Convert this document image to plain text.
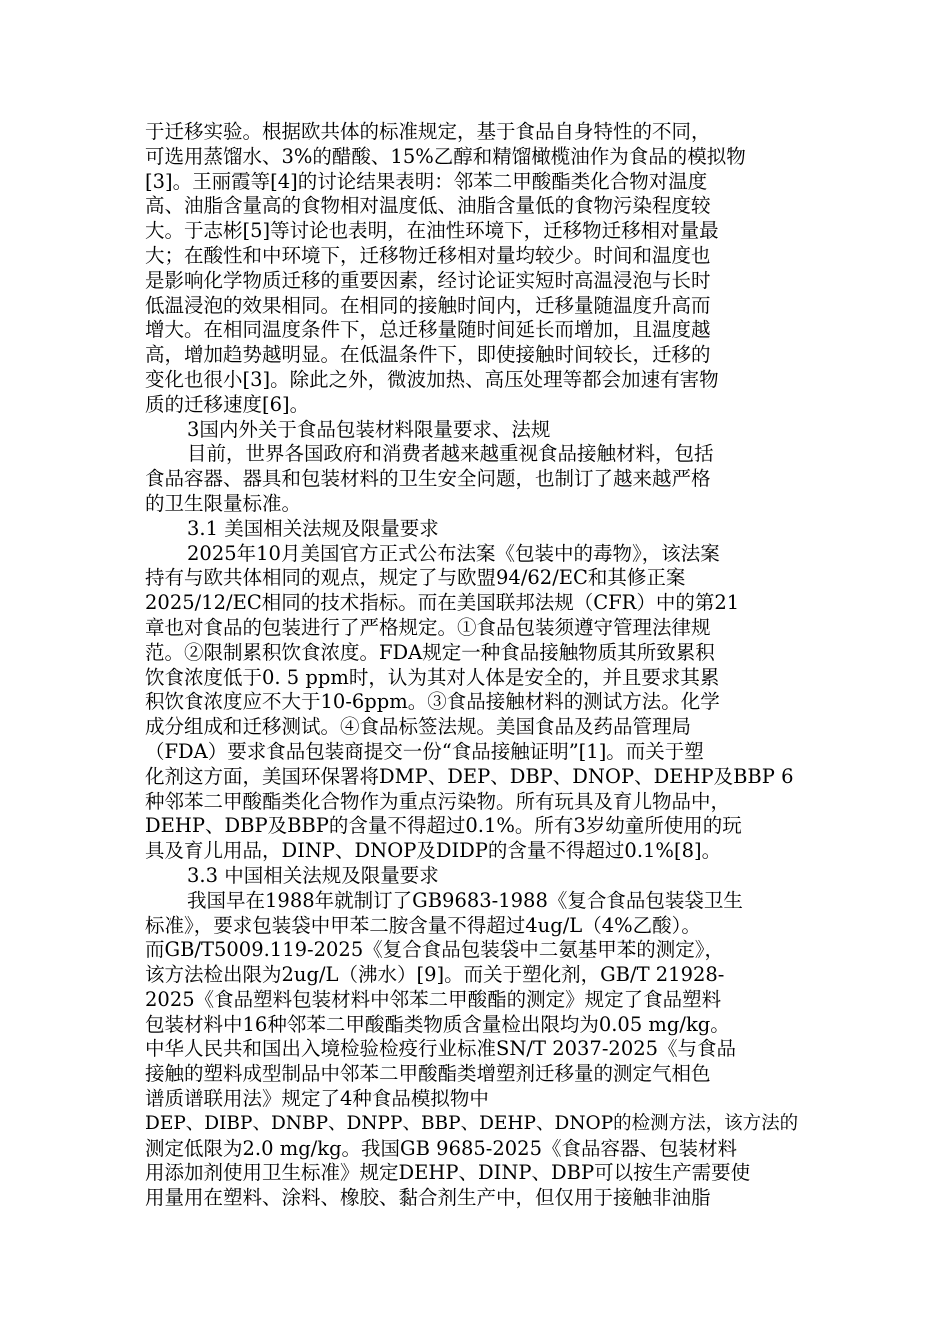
于迁移实验。根据欧共体的标准规定，基于食品自身特性的不同，
可选用蒸馏水、3%的醋酸、15%乙醇和精馏橄榄油作为食品的模拟物
[3]。王丽霞等[4]的讨论结果表明：邻苯二甲酸酯类化合物对温度
高、油脂含量高的食物相对温度低、油脂含量低的食物污染程度较
大。于志彬[5]等讨论也表明，在油性环境下，迁移物迁移相对量最
大；在酸性和中环境下，迁移物迁移相对量均较少。时间和温度也
是影响化学物质迁移的重要因素，经讨论证实短时高温浸泡与长时
低温浸泡的效果相同。在相同的接触时间内，迁移量随温度升高而
增大。在相同温度条件下，总迁移量随时间延长而增加，且温度越
高，增加趋势越明显。在低温条件下，即使接触时间较长，迁移的
变化也很小[3]。除此之外，微波加热、高压处理等都会加速有害物
质的迁移速度[6]。
3国内外关于食品包装材料限量要求、法规
目前，世界各国政府和消费者越来越重视食品接触材料，包括
食品容器、器具和包装材料的卫生安全问题，也制订了越来越严格
的卫生限量标准。
3.1 美国相关法规及限量要求
2025年10月美国官方正式公布法案《包装中的毒物》，该法案
持有与欧共体相同的观点，规定了与欧盟94/62/EC和其修正案
2025/12/EC相同的技术指标。而在美国联邦法规（CFR）中的第21
章也对食品的包装进行了严格规定。①食品包装须遵守管理法律规
范。②限制累积饮食浓度。FDA规定一种食品接触物质其所致累积
饮食浓度低于0. 5 ppm时，认为其对人体是安全的，并且要求其累
积饮食浓度应不大于10-6ppm。③食品接触材料的测试方法。化学
成分组成和迁移测试。④食品标签法规。美国食品及药品管理局
（FDA）要求食品包装商提交一份“食品接触证明”[1]。而关于塑
化剂这方面，美国环保署将DMP、DEP、DBP、DNOP、DEHP及BBP 6
种邻苯二甲酸酯类化合物作为重点污染物。所有玩具及育儿物品中，
DEHP、DBP及BBP的含量不得超过0.1%。所有3岁幼童所使用的玩
具及育儿用品，DINP、DNOP及DIDP的含量不得超过0.1%[8]。
3.3 中国相关法规及限量要求
我国早在1988年就制订了GB9683-1988《复合食品包装袋卫生
标准》，要求包装袋中甲苯二胺含量不得超过4ug/L（4%乙酸）。
而GB/T5009.119-2025《复合食品包装袋中二氨基甲苯的测定》，
该方法检出限为2ug/L（沸水）[9]。而关于塑化剂，GB/T 21928-
2025《食品塑料包装材料中邻苯二甲酸酯的测定》规定了食品塑料
包装材料中16种邻苯二甲酸酯类物质含量检出限均为0.05 mg/kg。
中华人民共和国出入境检验检疫行业标准SN/T 2037-2025《与食品
接触的塑料成型制品中邻苯二甲酸酯类增塑剂迁移量的测定气相色
谱质谱联用法》规定了4种食品模拟物中
DEP、DIBP、DNBP、DNPP、BBP、DEHP、DNOP的检测方法，该方法的
测定低限为2.0 mg/kg。我国GB 9685-2025《食品容器、包装材料
用添加剂使用卫生标准》规定DEHP、DINP、DBP可以按生产需要使
用量用在塑料、涂料、橡胶、黏合剂生产中，但仅用于接触非油脂
